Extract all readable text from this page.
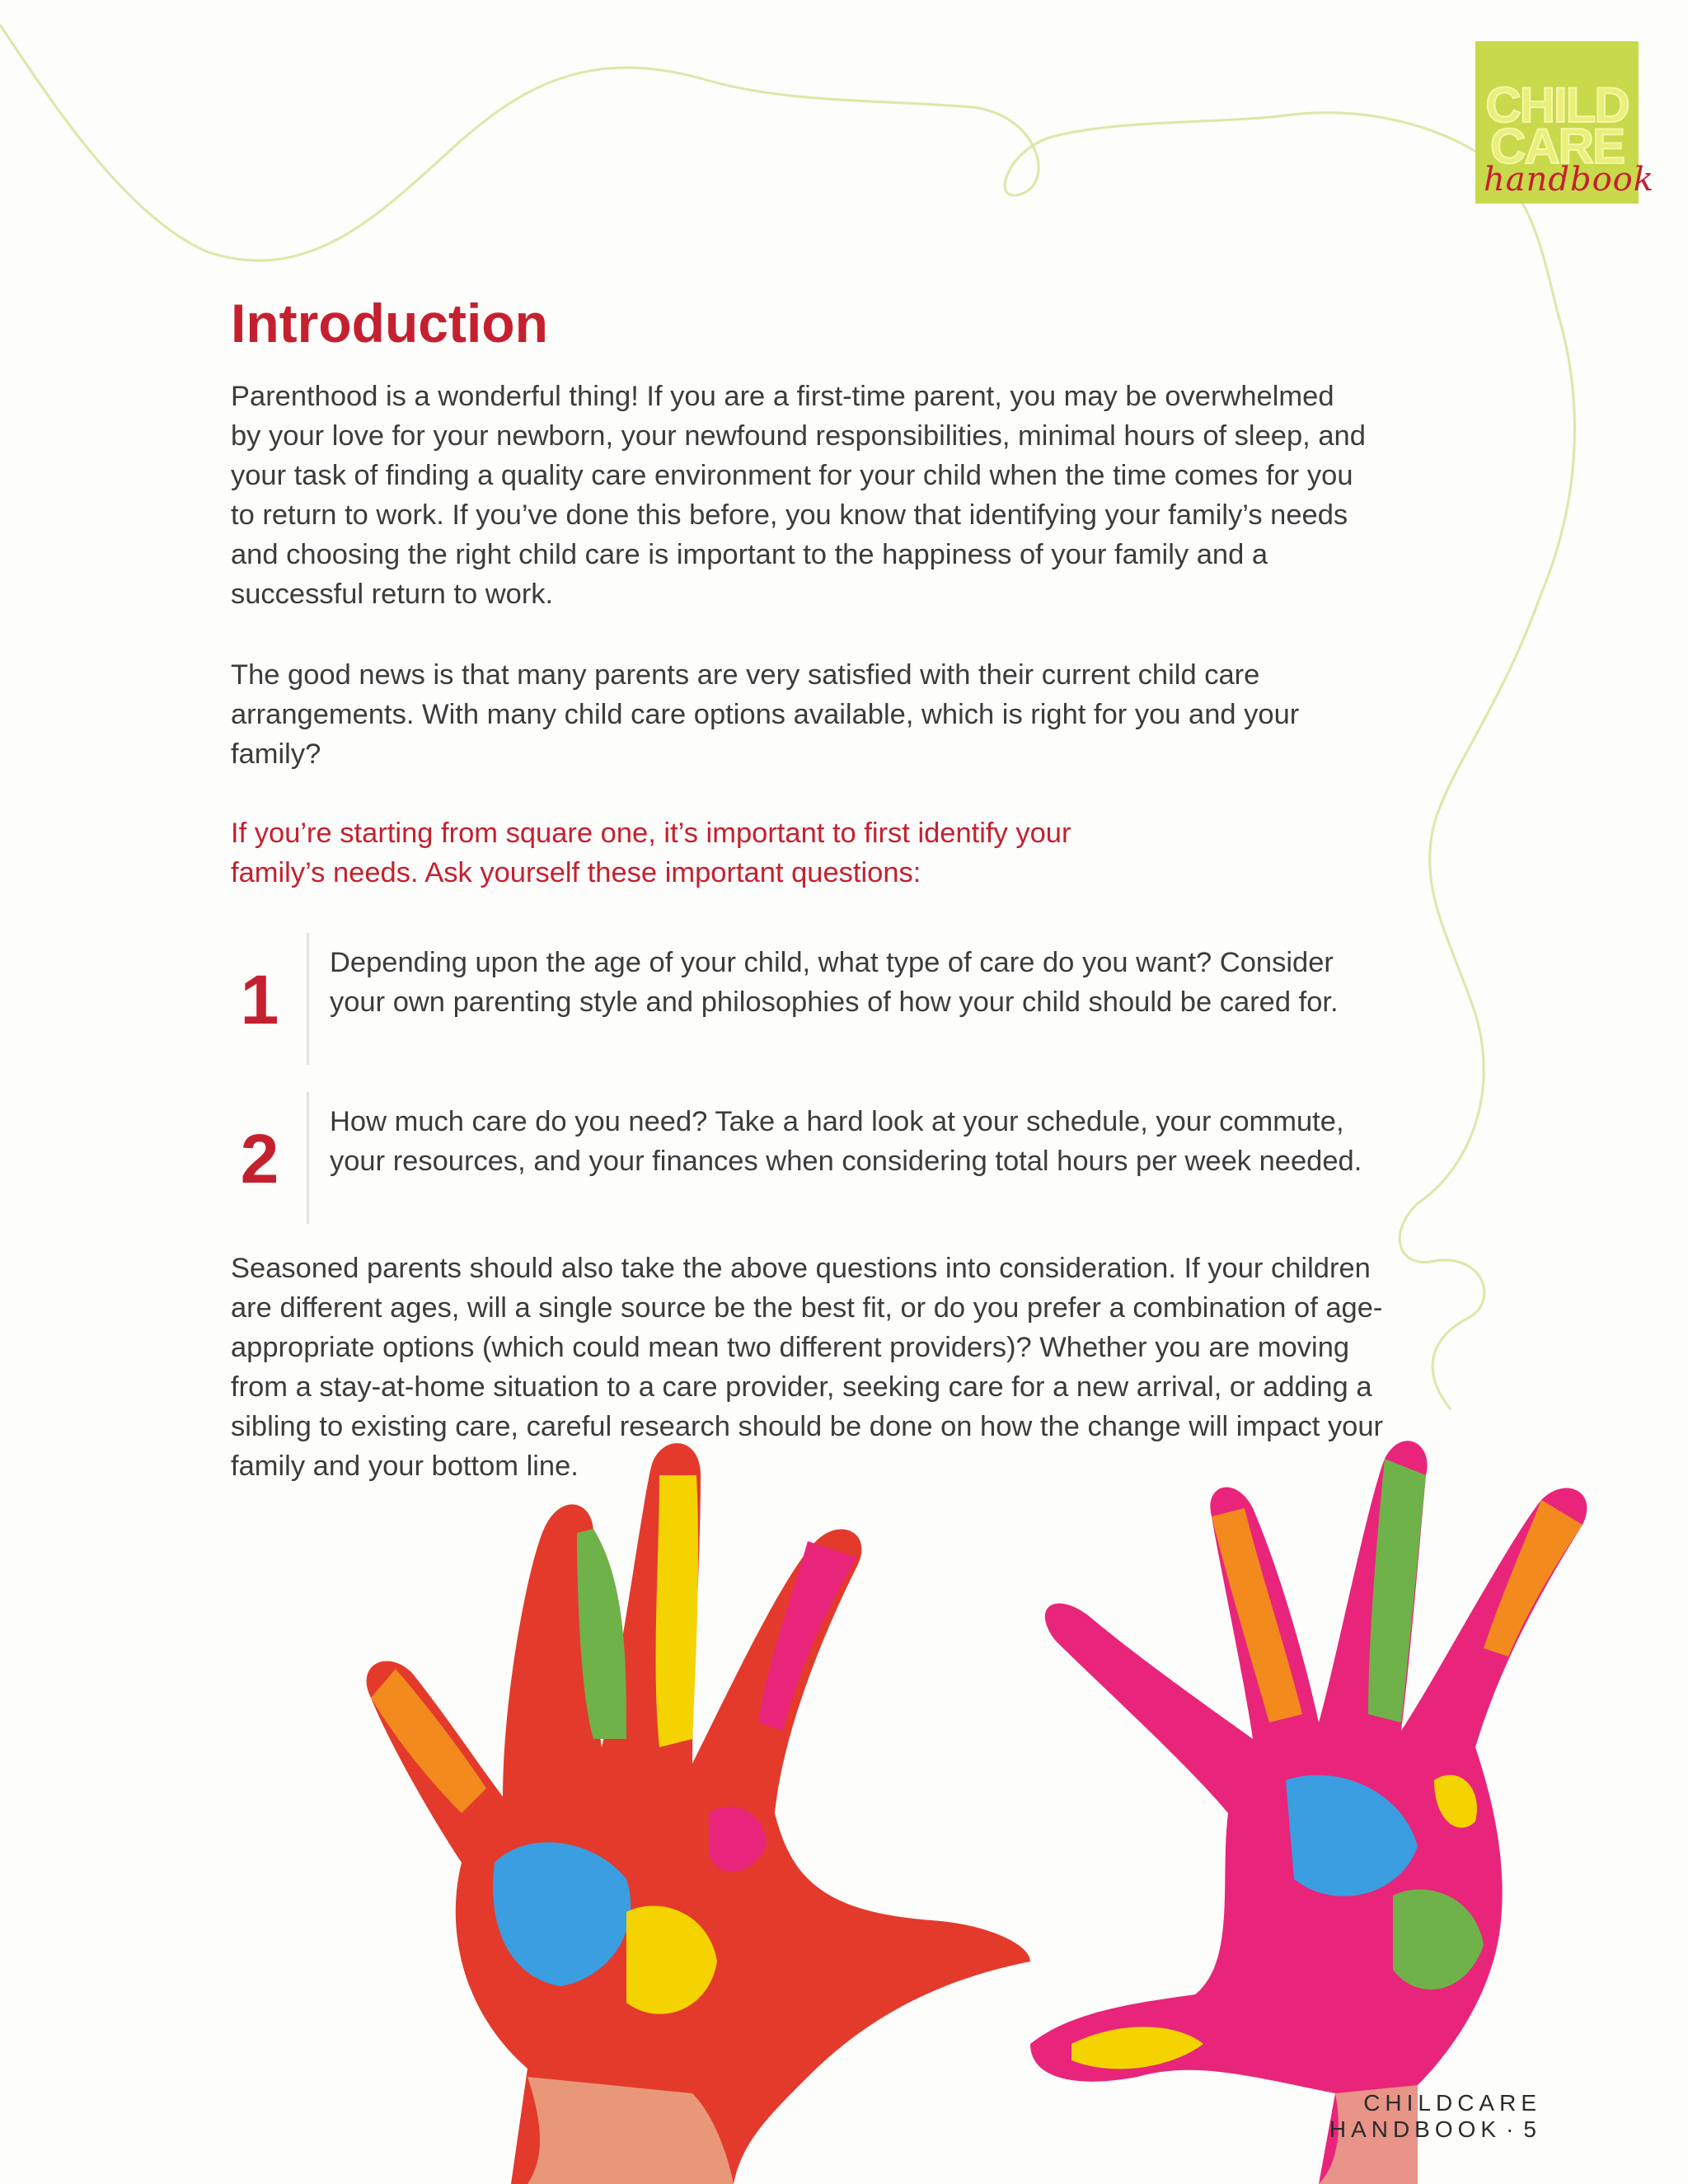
CHILD
CARE
handbook
Introduction

Parenthood is a wonderful thing! If you are a first-time parent, you may be overwhelmed by your love for your newborn, your newfound responsibilities, minimal hours of sleep, and your task of finding a quality care environment for your child when the time comes for you to return to work. If you’ve done this before, you know that identifying your family’s needs and choosing the right child care is important to the happiness of your family and a successful return to work.

The good news is that many parents are very satisfied with their current child care arrangements. With many child care options available, which is right for you and your family?

If you’re starting from square one, it’s important to first identify your family’s needs. Ask yourself these important questions:

1	Depending upon the age of your child, what type of care do you want? Consider your own parenting style and philosophies of how your child should be cared for.

2	How much care do you need? Take a hard look at your schedule, your commute, your resources, and your finances when considering total hours per week needed.

Seasoned parents should also take the above questions into consideration. If your children are different ages, will a single source be the best fit, or do you prefer a combination of age-appropriate options (which could mean two different providers)? Whether you are moving from a stay-at-home situation to a care provider, seeking care for a new arrival, or adding a sibling to existing care, careful research should be done on how the change will impact your family and your bottom line.

CHILDCARE HANDBOOK · 5
